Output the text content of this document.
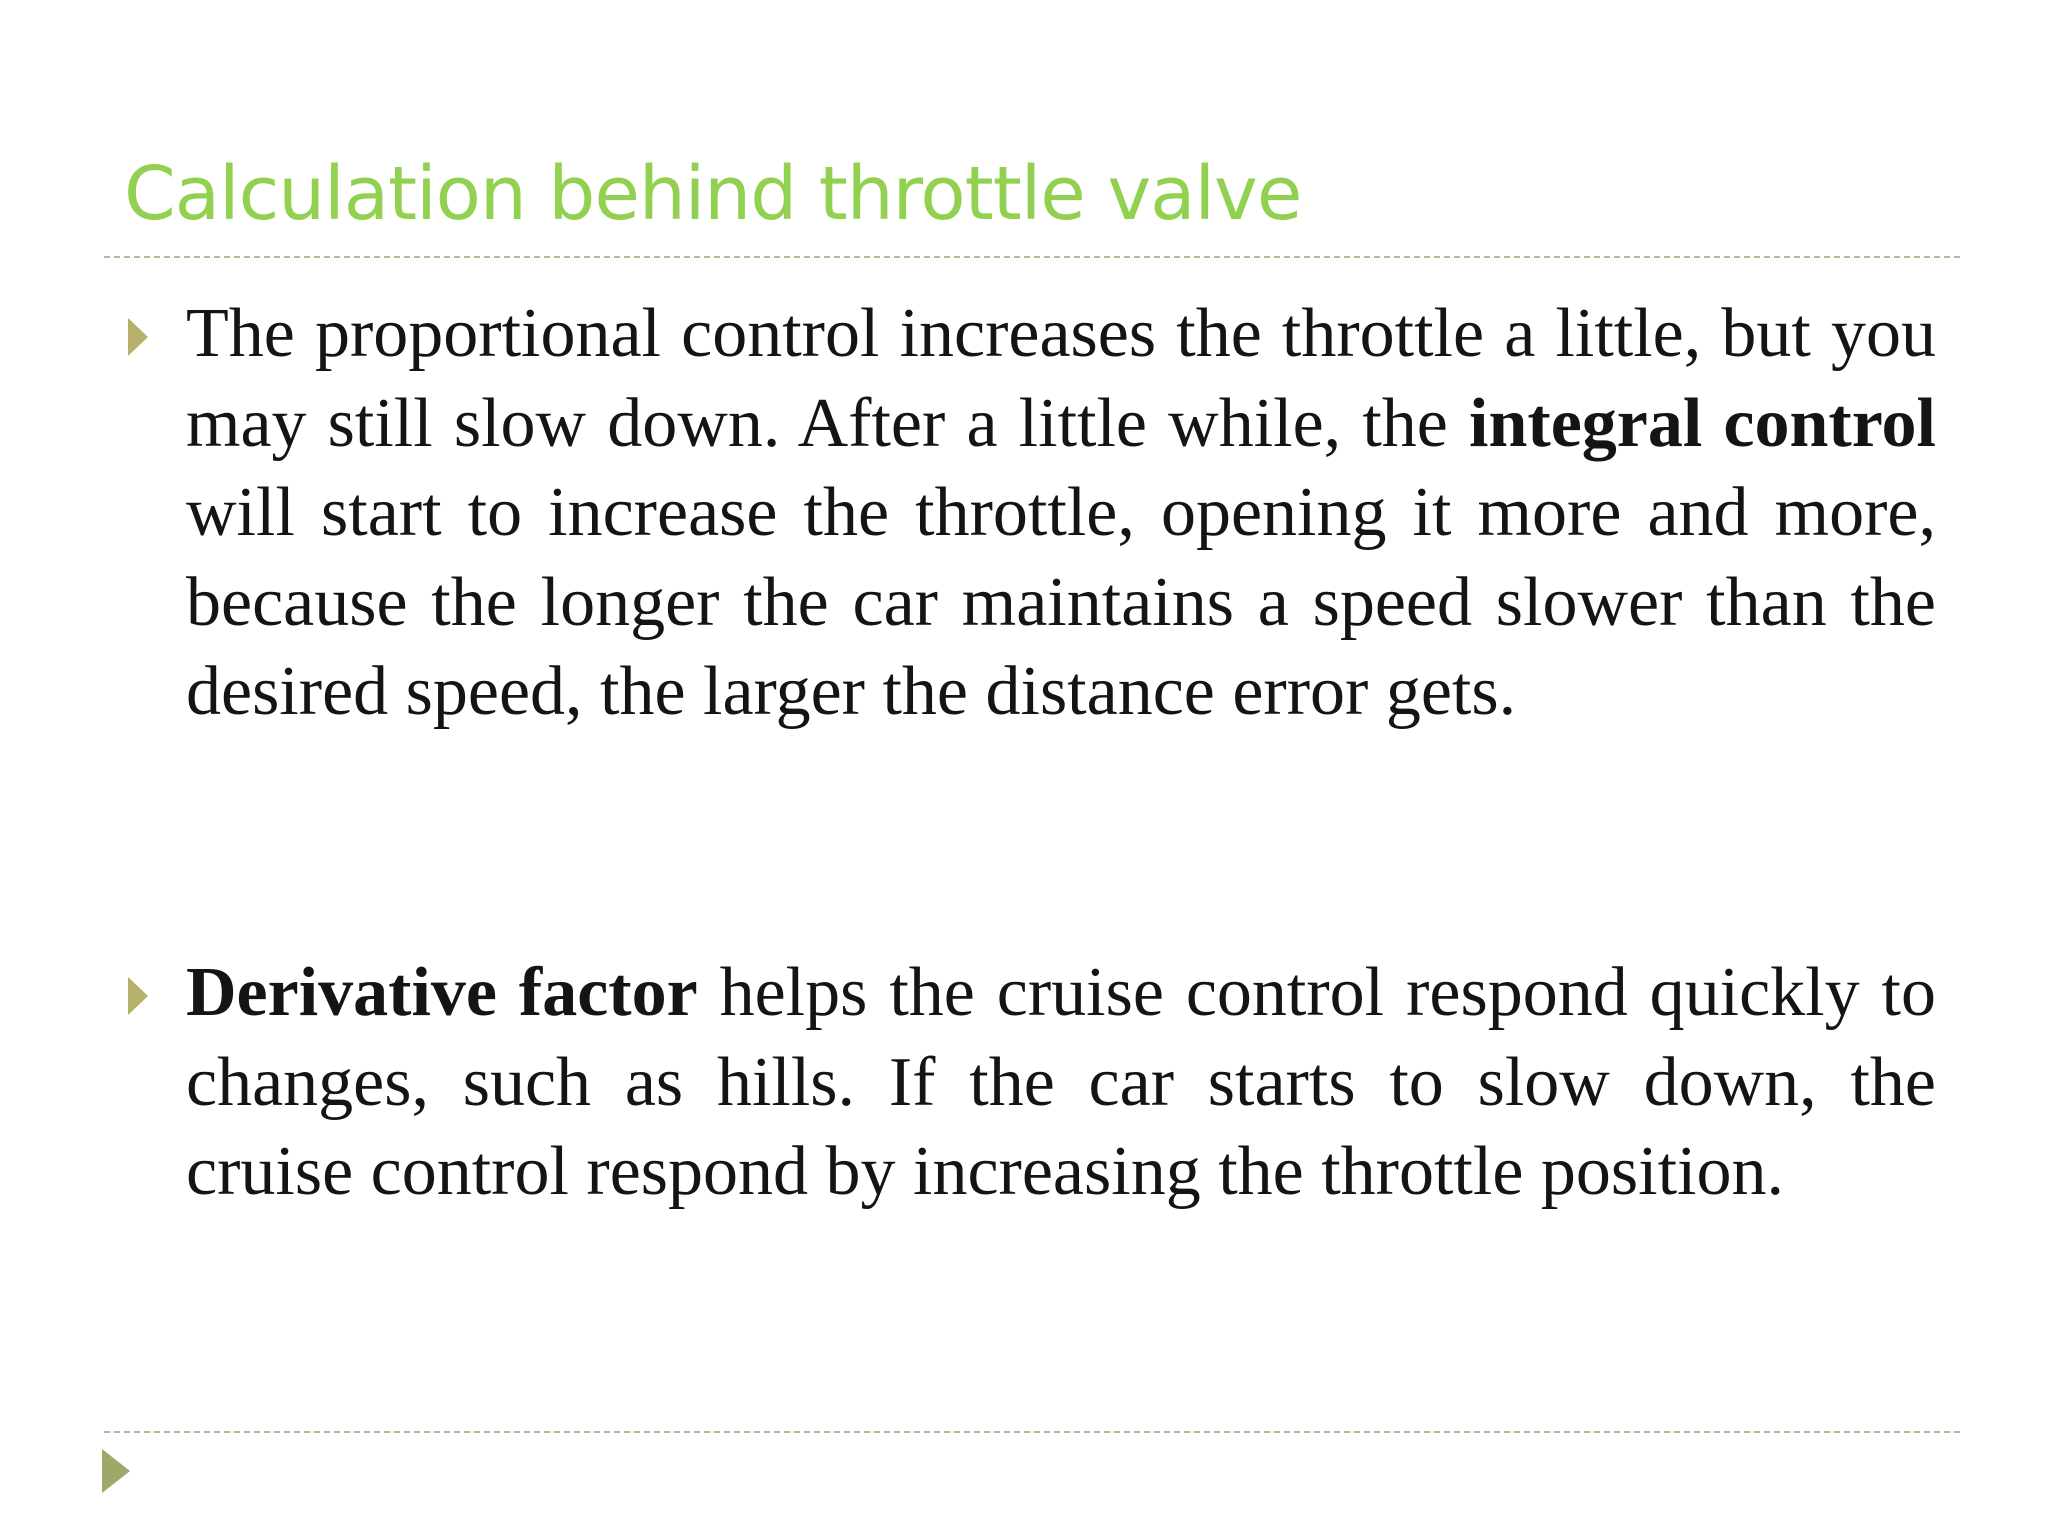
Calculation behind throttle valve

The proportional control increases the throttle a little, but you may still slow down. After a little while, the integral control will start to increase the throttle, opening it more and more, because the longer the car maintains a speed slower than the desired speed, the larger the distance error gets.

Derivative factor helps the cruise control respond quickly to changes, such as hills. If the car starts to slow down, the cruise control respond by increasing the throttle position.
